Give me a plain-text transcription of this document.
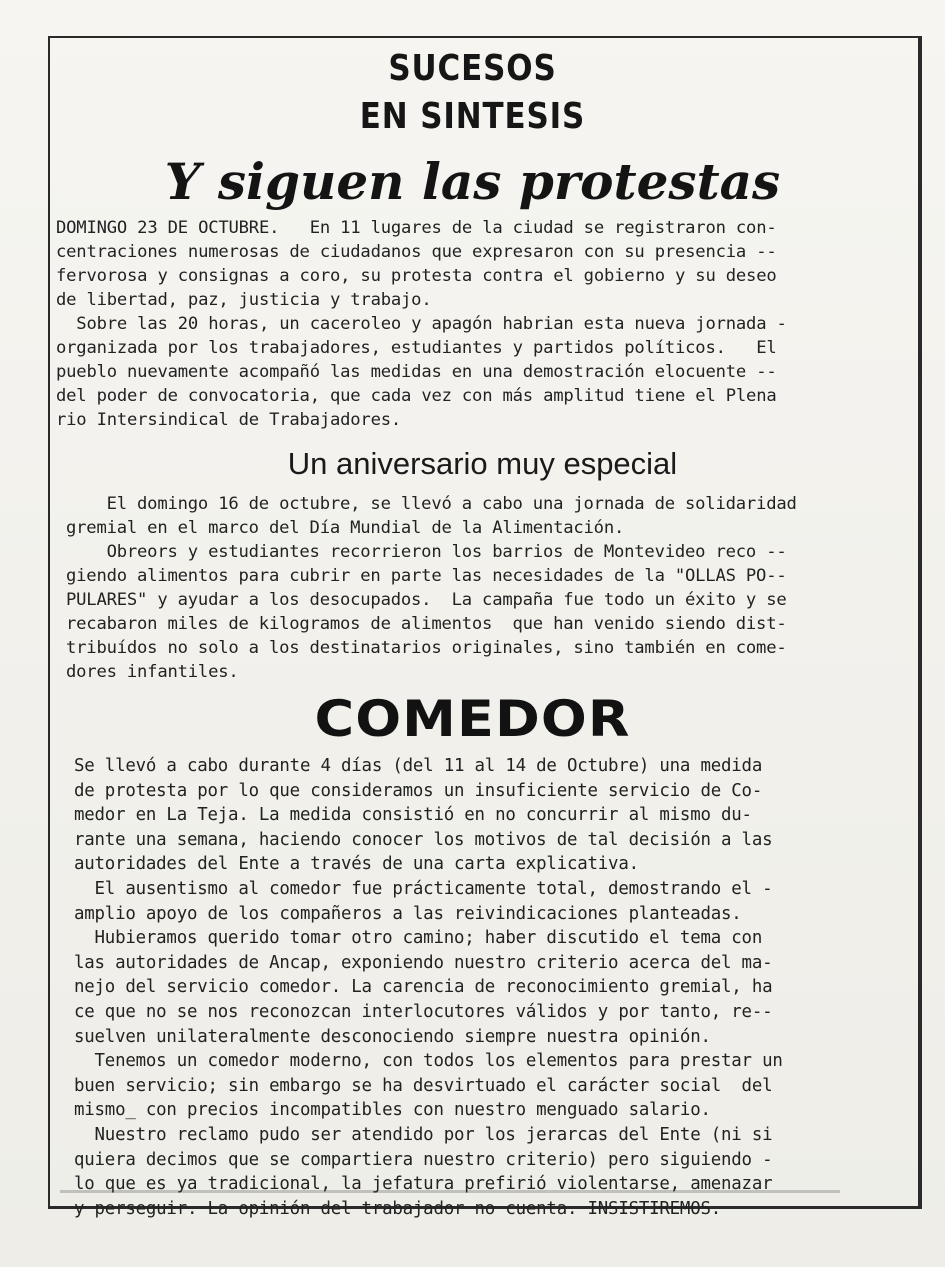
SUCESOS
EN SINTESIS
Y siguen las protestas

DOMINGO 23 DE OCTUBRE.   En 11 lugares de la ciudad se registraron con-
centraciones numerosas de ciudadanos que expresaron con su presencia --
fervorosa y consignas a coro, su protesta contra el gobierno y su deseo
de libertad, paz, justicia y trabajo.
Sobre las 20 horas, un caceroleo y apagón habrian esta nueva jornada -
organizada por los trabajadores, estudiantes y partidos políticos.   El
pueblo nuevamente acompañó las medidas en una demostración elocuente --
del poder de convocatoria, que cada vez con más amplitud tiene el Plena
rio Intersindical de Trabajadores.

Un aniversario muy especial

El domingo 16 de octubre, se llevó a cabo una jornada de solidaridad
gremial en el marco del Día Mundial de la Alimentación.
Obreors y estudiantes recorrieron los barrios de Montevideo reco --
giendo alimentos para cubrir en parte las necesidades de la "OLLAS PO--
PULARES" y ayudar a los desocupados.  La campaña fue todo un éxito y se
recabaron miles de kilogramos de alimentos  que han venido siendo dist-
tribuídos no solo a los destinatarios originales, sino también en come-
dores infantiles.

COMEDOR

Se llevó a cabo durante 4 días (del 11 al 14 de Octubre) una medida
de protesta por lo que consideramos un insuficiente servicio de Co-
medor en La Teja. La medida consistió en no concurrir al mismo du-
rante una semana, haciendo conocer los motivos de tal decisión a las
autoridades del Ente a través de una carta explicativa.
El ausentismo al comedor fue prácticamente total, demostrando el -
amplio apoyo de los compañeros a las reivindicaciones planteadas.
Hubieramos querido tomar otro camino; haber discutido el tema con
las autoridades de Ancap, exponiendo nuestro criterio acerca del ma-
nejo del servicio comedor. La carencia de reconocimiento gremial, ha
ce que no se nos reconozcan interlocutores válidos y por tanto, re--
suelven unilateralmente desconociendo siempre nuestra opinión.
Tenemos un comedor moderno, con todos los elementos para prestar un
buen servicio; sin embargo se ha desvirtuado el carácter social  del
mismo_ con precios incompatibles con nuestro menguado salario.
Nuestro reclamo pudo ser atendido por los jerarcas del Ente (ni si
quiera decimos que se compartiera nuestro criterio) pero siguiendo -
lo que es ya tradicional, la jefatura prefirió violentarse, amenazar
y perseguir. La opinión del trabajador no cuenta. INSISTIREMOS.
